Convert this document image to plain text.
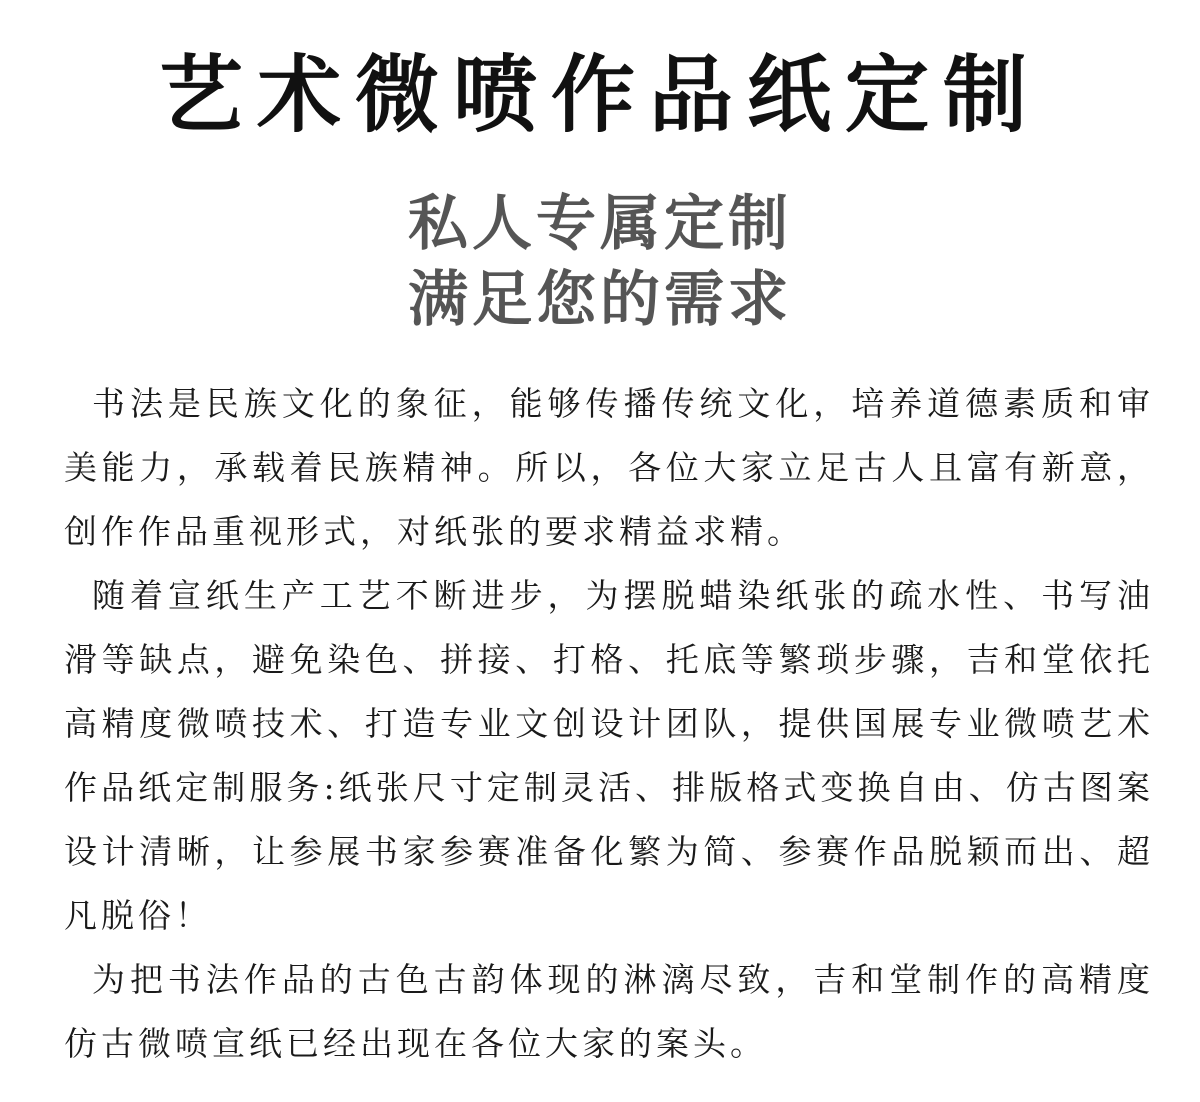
艺术微喷作品纸定制
私人专属定制
满足您的需求

书法是民族文化的象征，能够传播传统文化，培养道德素质和审美能力，承载着民族精神。所以，各位大家立足古人且富有新意，创作作品重视形式，对纸张的要求精益求精。

随着宣纸生产工艺不断进步，为摆脱蜡染纸张的疏水性、书写油滑等缺点，避免染色、拼接、打格、托底等繁琐步骤，吉和堂依托高精度微喷技术、打造专业文创设计团队，提供国展专业微喷艺术作品纸定制服务:纸张尺寸定制灵活、排版格式变换自由、仿古图案设计清晰，让参展书家参赛准备化繁为简、参赛作品脱颖而出、超凡脱俗！

为把书法作品的古色古韵体现的淋漓尽致，吉和堂制作的高精度仿古微喷宣纸已经出现在各位大家的案头。
